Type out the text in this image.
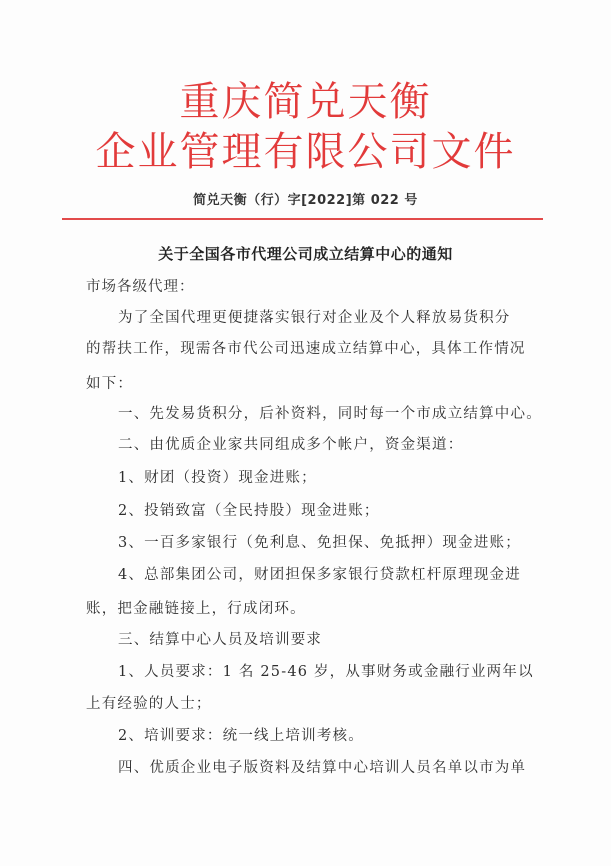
重庆简兑天衡
企业管理有限公司文件
简兑天衡（行）字[2022]第 022 号
关于全国各市代理公司成立结算中心的通知
市场各级代理：
为了全国代理更便捷落实银行对企业及个人释放易货积分
的帮扶工作，现需各市代公司迅速成立结算中心，具体工作情况
如下：
一、先发易货积分，后补资料，同时每一个市成立结算中心。
二、由优质企业家共同组成多个帐户，资金渠道：
1、财团（投资）现金进账；
2、投销致富（全民持股）现金进账；
3、一百多家银行（免利息、免担保、免抵押）现金进账；
4、总部集团公司，财团担保多家银行贷款杠杆原理现金进
账，把金融链接上，行成闭环。
三、结算中心人员及培训要求
1、人员要求：1 名 25-46 岁，从事财务或金融行业两年以
上有经验的人士；
2、培训要求：统一线上培训考核。
四、优质企业电子版资料及结算中心培训人员名单以市为单
